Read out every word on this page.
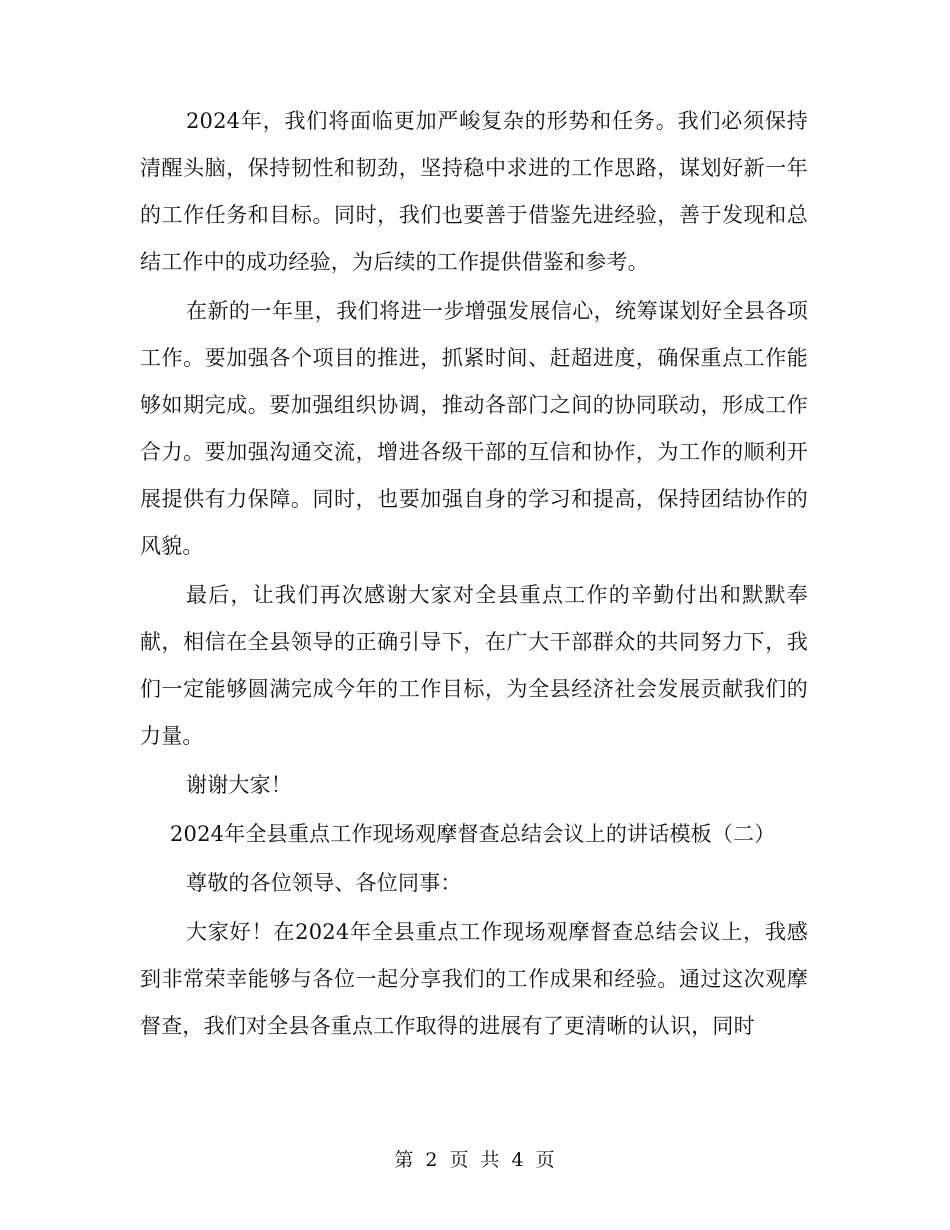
2024年，我们将面临更加严峻复杂的形势和任务。我们必须保持清醒头脑，保持韧性和韧劲，坚持稳中求进的工作思路，谋划好新一年的工作任务和目标。同时，我们也要善于借鉴先进经验，善于发现和总结工作中的成功经验，为后续的工作提供借鉴和参考。

在新的一年里，我们将进一步增强发展信心，统筹谋划好全县各项工作。要加强各个项目的推进，抓紧时间、赶超进度，确保重点工作能够如期完成。要加强组织协调，推动各部门之间的协同联动，形成工作合力。要加强沟通交流，增进各级干部的互信和协作，为工作的顺利开展提供有力保障。同时，也要加强自身的学习和提高，保持团结协作的风貌。

最后，让我们再次感谢大家对全县重点工作的辛勤付出和默默奉献，相信在全县领导的正确引导下，在广大干部群众的共同努力下，我们一定能够圆满完成今年的工作目标，为全县经济社会发展贡献我们的力量。

谢谢大家！

2024年全县重点工作现场观摩督查总结会议上的讲话模板（二）

尊敬的各位领导、各位同事：

大家好！在2024年全县重点工作现场观摩督查总结会议上，我感到非常荣幸能够与各位一起分享我们的工作成果和经验。通过这次观摩督查，我们对全县各重点工作取得的进展有了更清晰的认识，同时

第 2 页 共 4 页
